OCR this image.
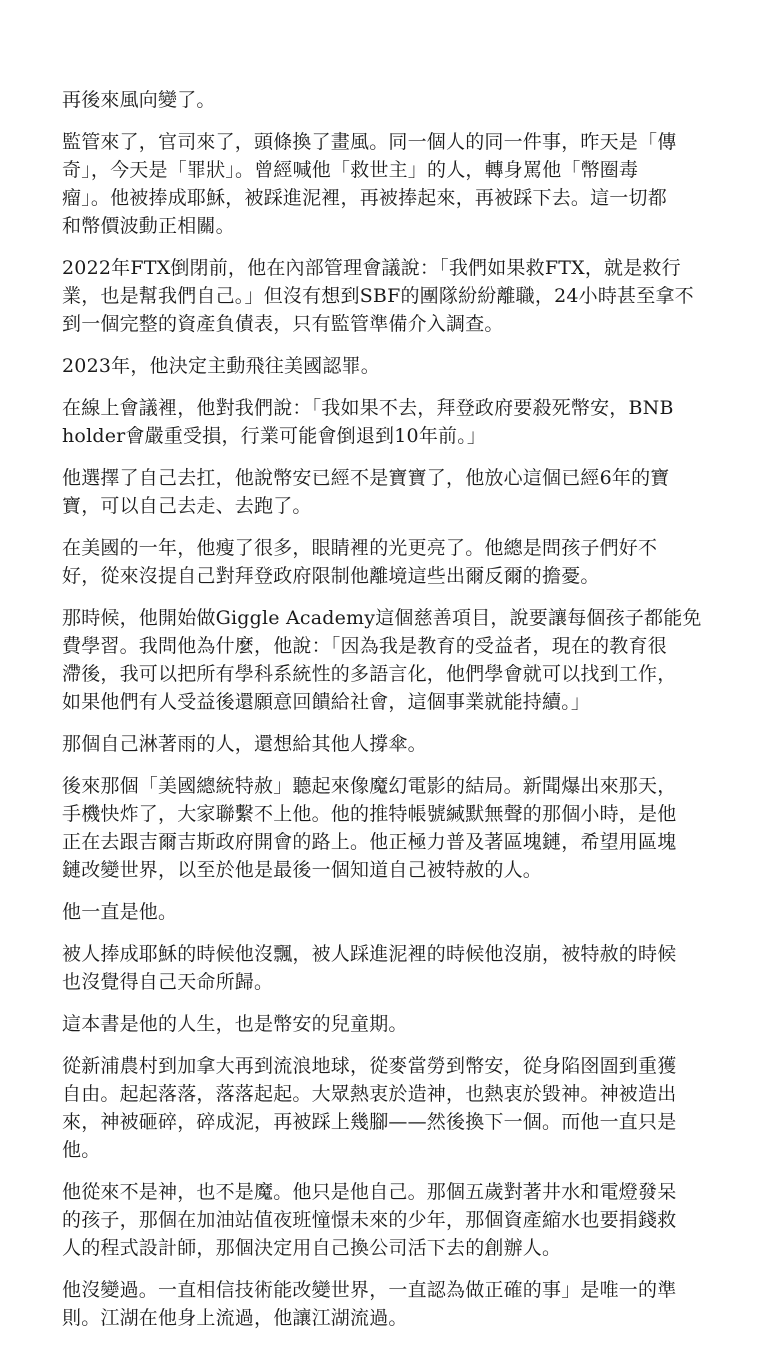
再後來風向變了。

監管來了，官司來了，頭條換了畫風。同一個人的同一件事，昨天是「傳
奇」，今天是「罪狀」。曾經喊他「救世主」的人，轉身罵他「幣圈毒
瘤」。他被捧成耶穌，被踩進泥裡，再被捧起來，再被踩下去。這一切都
和幣價波動正相關。

2022年FTX倒閉前，他在內部管理會議說：「我們如果救FTX，就是救行
業，也是幫我們自己。」但沒有想到SBF的團隊紛紛離職，24小時甚至拿不
到一個完整的資產負債表，只有監管準備介入調查。

2023年，他決定主動飛往美國認罪。

在線上會議裡，他對我們說：「我如果不去，拜登政府要殺死幣安，BNB
holder會嚴重受損，行業可能會倒退到10年前。」

他選擇了自己去扛，他說幣安已經不是寶寶了，他放心這個已經6年的寶
寶，可以自己去走、去跑了。

在美國的一年，他瘦了很多，眼睛裡的光更亮了。他總是問孩子們好不
好，從來沒提自己對拜登政府限制他離境這些出爾反爾的擔憂。

那時候，他開始做Giggle Academy這個慈善項目，說要讓每個孩子都能免
費學習。我問他為什麼，他說：「因為我是教育的受益者，現在的教育很
滯後，我可以把所有學科系統性的多語言化，他們學會就可以找到工作，
如果他們有人受益後還願意回饋給社會，這個事業就能持續。」

那個自己淋著雨的人，還想給其他人撐傘。

後來那個「美國總統特赦」聽起來像魔幻電影的結局。新聞爆出來那天，
手機快炸了，大家聯繫不上他。他的推特帳號緘默無聲的那個小時，是他
正在去跟吉爾吉斯政府開會的路上。他正極力普及著區塊鏈，希望用區塊
鏈改變世界，以至於他是最後一個知道自己被特赦的人。

他一直是他。

被人捧成耶穌的時候他沒飄，被人踩進泥裡的時候他沒崩，被特赦的時候
也沒覺得自己天命所歸。

這本書是他的人生，也是幣安的兒童期。

從新浦農村到加拿大再到流浪地球，從麥當勞到幣安，從身陷囹圄到重獲
自由。起起落落，落落起起。大眾熱衷於造神，也熱衷於毀神。神被造出
來，神被砸碎，碎成泥，再被踩上幾腳——然後換下一個。而他一直只是
他。

他從來不是神，也不是魔。他只是他自己。那個五歲對著井水和電燈發呆
的孩子，那個在加油站值夜班憧憬未來的少年，那個資產縮水也要捐錢救
人的程式設計師，那個決定用自己換公司活下去的創辦人。

他沒變過。一直相信技術能改變世界，一直認為做正確的事」是唯一的準
則。江湖在他身上流過，他讓江湖流過。
